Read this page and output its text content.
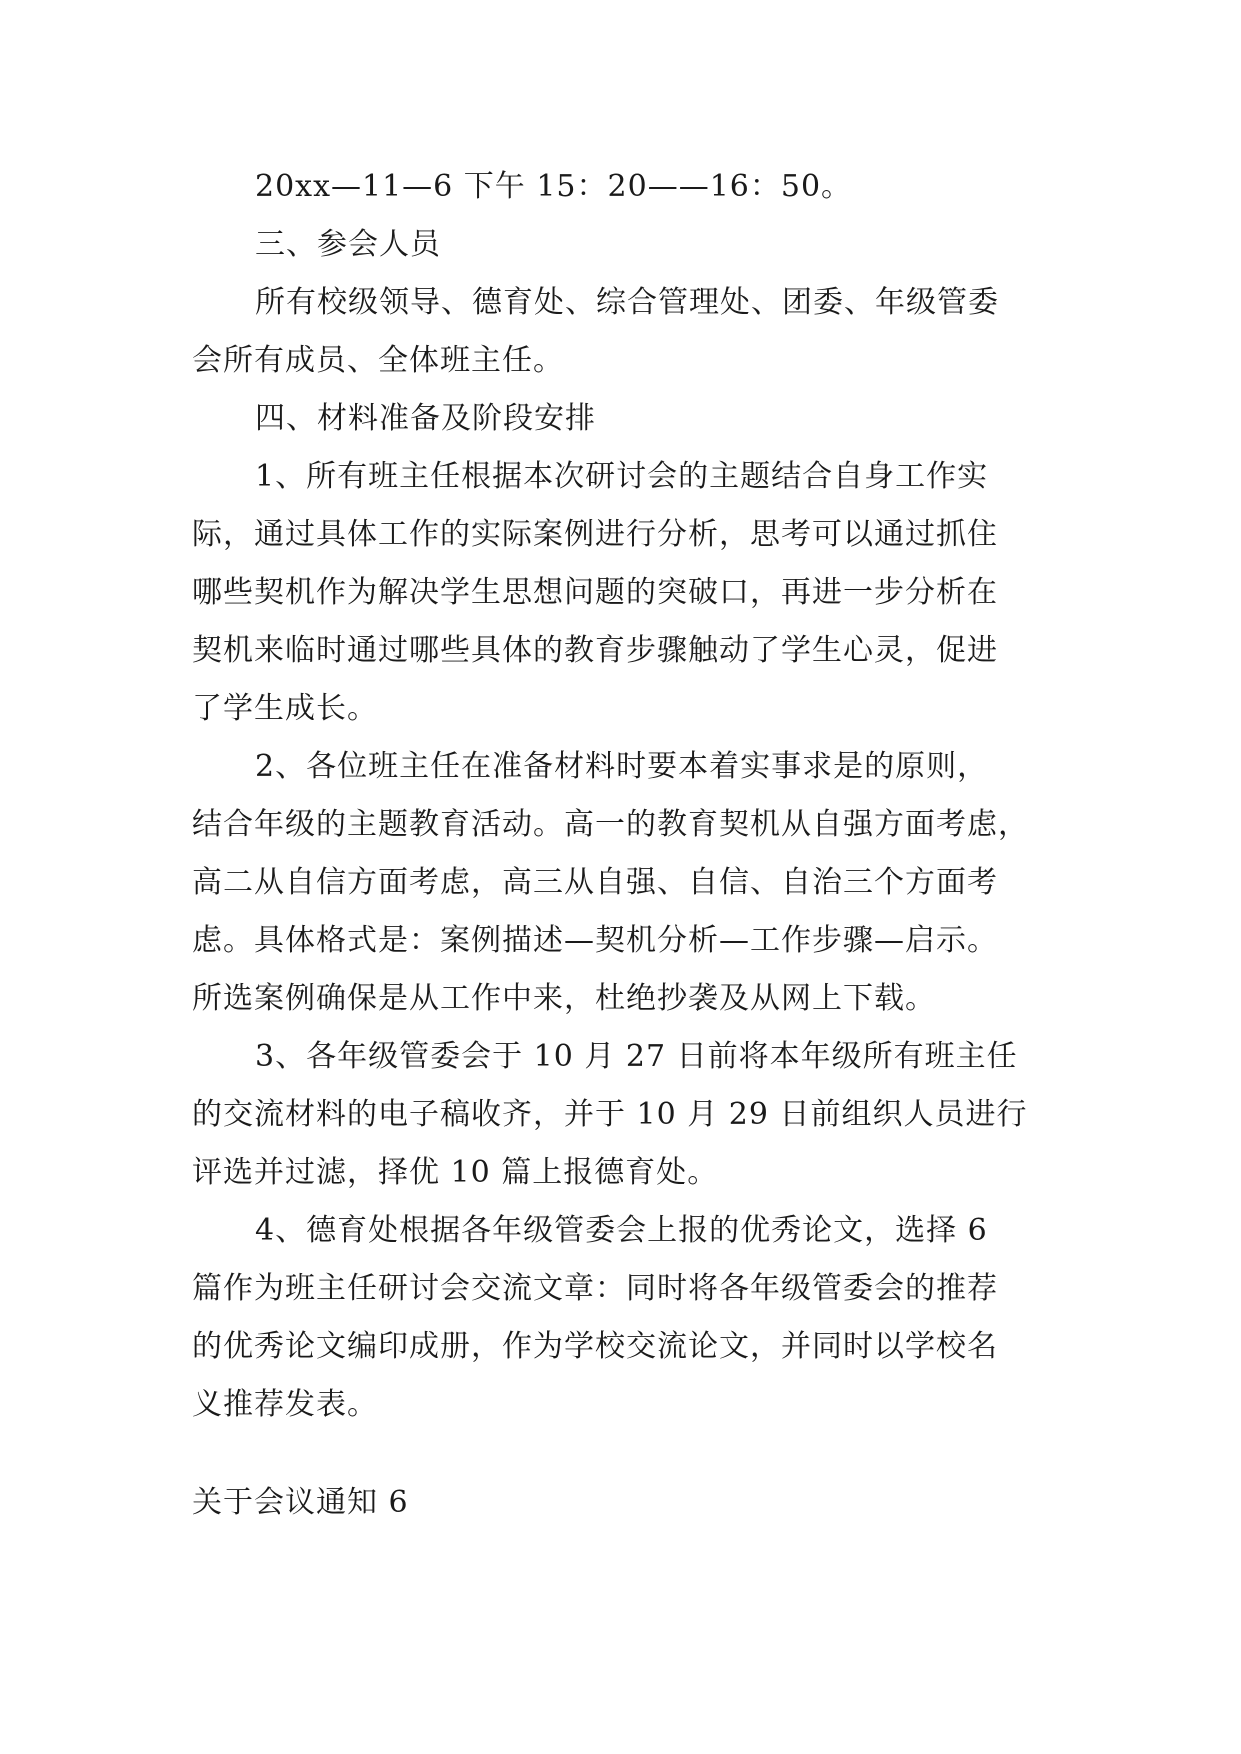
20xx—11—6 下午 15：20——16：50。
三、参会人员
所有校级领导、德育处、综合管理处、团委、年级管委
会所有成员、全体班主任。
四、材料准备及阶段安排
1、所有班主任根据本次研讨会的主题结合自身工作实
际，通过具体工作的实际案例进行分析，思考可以通过抓住
哪些契机作为解决学生思想问题的突破口，再进一步分析在
契机来临时通过哪些具体的教育步骤触动了学生心灵，促进
了学生成长。
2、各位班主任在准备材料时要本着实事求是的原则，
结合年级的主题教育活动。高一的教育契机从自强方面考虑，
高二从自信方面考虑，高三从自强、自信、自治三个方面考
虑。具体格式是：案例描述—契机分析—工作步骤—启示。
所选案例确保是从工作中来，杜绝抄袭及从网上下载。
3、各年级管委会于 10 月 27 日前将本年级所有班主任
的交流材料的电子稿收齐，并于 10 月 29 日前组织人员进行
评选并过滤，择优 10 篇上报德育处。
4、德育处根据各年级管委会上报的优秀论文，选择 6
篇作为班主任研讨会交流文章：同时将各年级管委会的推荐
的优秀论文编印成册，作为学校交流论文，并同时以学校名
义推荐发表。
关于会议通知 6
